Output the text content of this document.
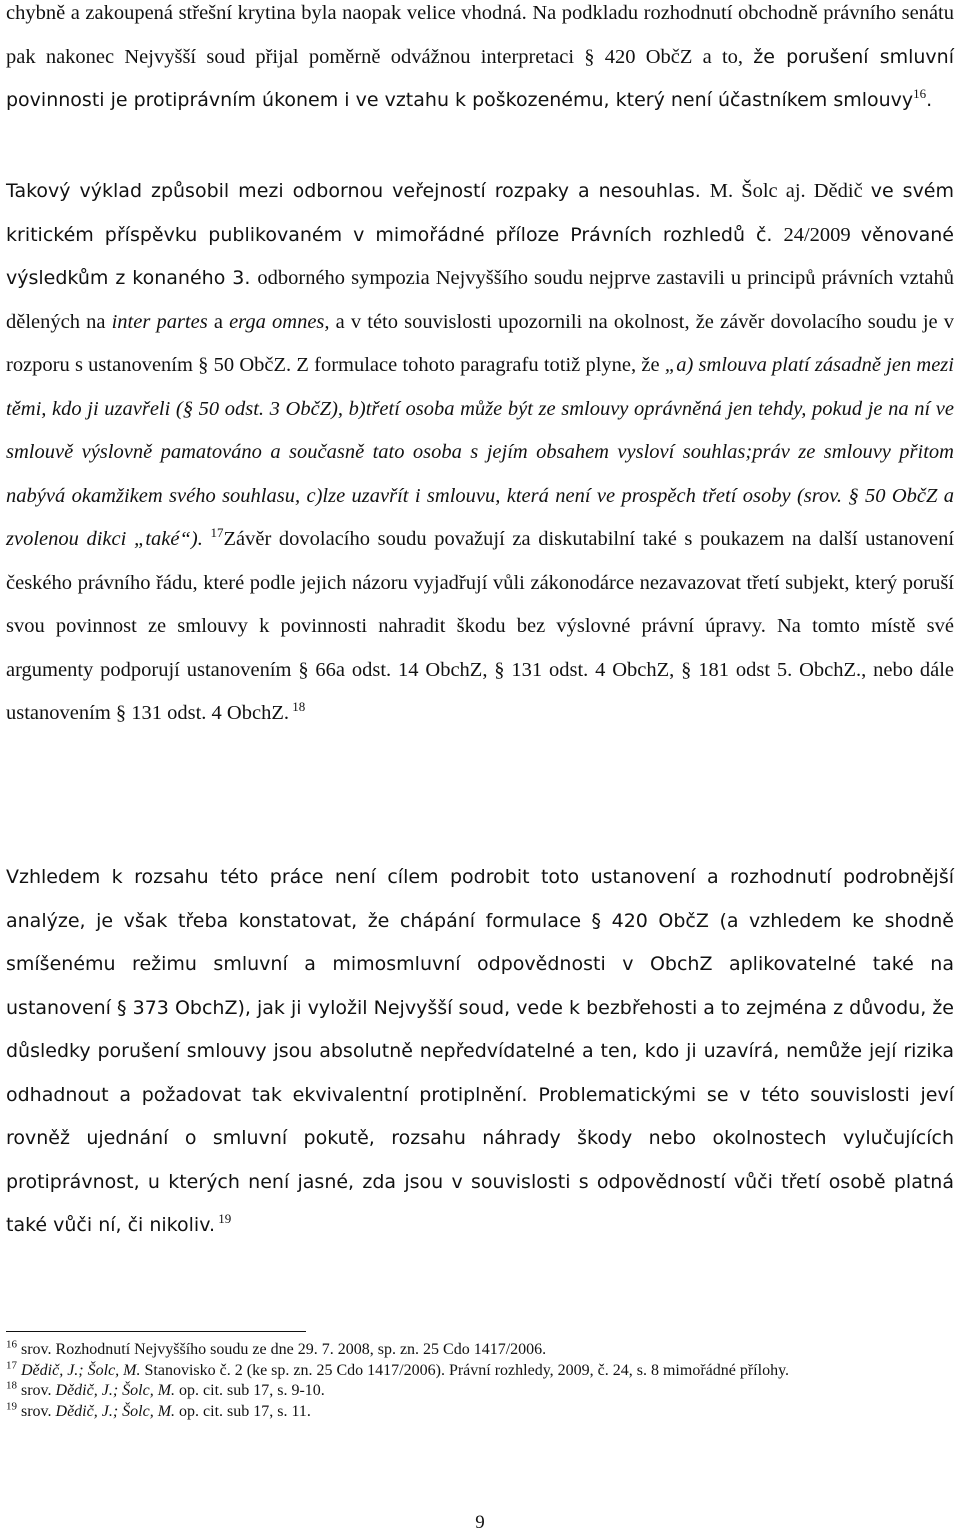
chybně a zakoupená střešní krytina byla naopak velice vhodná. Na podkladu rozhodnutí obchodně právního senátu pak nakonec Nejvyšší soud přijal poměrně odvážnou interpretaci § 420 ObčZ a to, že porušení smluvní povinnosti je protiprávním úkonem i ve vztahu k poškozenému, který není účastníkem smlouvy$^{16}$.

Takový výklad způsobil mezi odbornou veřejností rozpaky a nesouhlas. M. Šolc aj. Dědič ve svém kritickém příspěvku publikovaném v mimořádné příloze Právních rozhledů č. 24/2009 věnované výsledkům z konaného 3. odborného sympozia Nejvyššího soudu nejprve zastavili u principů právních vztahů dělených na inter partes a erga omnes, a v této souvislosti upozornili na okolnost, že závěr dovolacího soudu je v rozporu s ustanovením § 50 ObčZ. Z formulace tohoto paragrafu totiž plyne, že „a) smlouva platí zásadně jen mezi těmi, kdo ji uzavřeli (§ 50 odst. 3 ObčZ), b)třetí osoba může být ze smlouvy oprávněná jen tehdy, pokud je na ní ve smlouvě výslovně pamatováno a současně tato osoba s jejím obsahem vysloví souhlas;práv ze smlouvy přitom nabývá okamžikem svého souhlasu, c)lze uzavřít i smlouvu, která není ve prospěch třetí osoby (srov. § 50 ObčZ a zvolenou dikci „také“). $^{17}$Závěr dovolacího soudu považují za diskutabilní také s poukazem na další ustanovení českého právního řádu, které podle jejich názoru vyjadřují vůli zákonodárce nezavazovat třetí subjekt, který poruší svou povinnost ze smlouvy k povinnosti nahradit škodu bez výslovné právní úpravy. Na tomto místě své argumenty podporují ustanovením § 66a odst. 14 ObchZ, § 131 odst. 4 ObchZ, § 181 odst 5. ObchZ., nebo dále ustanovením § 131 odst. 4 ObchZ. $^{18}$

Vzhledem k rozsahu této práce není cílem podrobit toto ustanovení a rozhodnutí podrobnější analýze, je však třeba konstatovat, že chápání formulace § 420 ObčZ (a vzhledem ke shodně smíšenému režimu smluvní a mimosmluvní odpovědnosti v ObchZ aplikovatelné také na ustanovení § 373 ObchZ), jak ji vyložil Nejvyšší soud, vede k bezbřehosti a to zejména z důvodu, že důsledky porušení smlouvy jsou absolutně nepředvídatelné a ten, kdo ji uzavírá, nemůže její rizika odhadnout a požadovat tak ekvivalentní protiplnění. Problematickými se v této souvislosti jeví rovněž ujednání o smluvní pokutě, rozsahu náhrady škody nebo okolnostech vylučujících protiprávnost, u kterých není jasné, zda jsou v souvislosti s odpovědností vůči třetí osobě platná také vůči ní, či nikoliv. $^{19}$

$^{16}$ srov. Rozhodnutí Nejvyššího soudu ze dne 29. 7. 2008, sp. zn. 25 Cdo 1417/2006.

$^{17}$ Dědič, J.; Šolc, M. Stanovisko č. 2 (ke sp. zn. 25 Cdo 1417/2006). Právní rozhledy, 2009, č. 24, s. 8 mimořádné přílohy.

$^{18}$ srov. Dědič, J.; Šolc, M. op. cit. sub 17, s. 9-10.

$^{19}$ srov. Dědič, J.; Šolc, M. op. cit. sub 17, s. 11.

9
